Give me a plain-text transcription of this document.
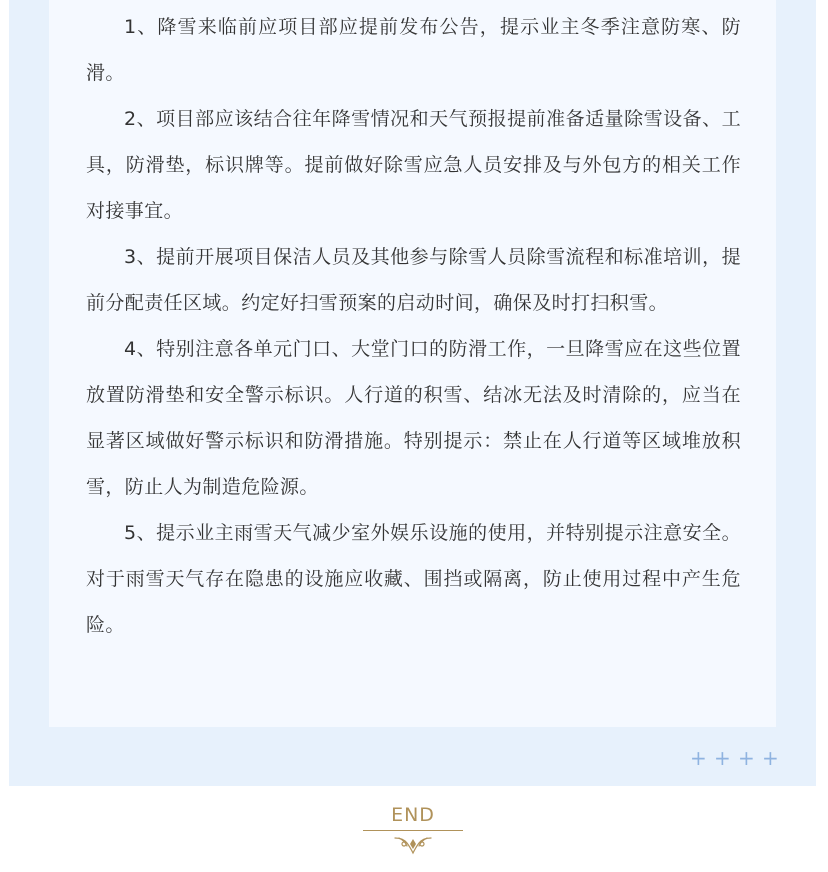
1、降雪来临前应项目部应提前发布公告，提示业主冬季注意防寒、防滑。

2、项目部应该结合往年降雪情况和天气预报提前准备适量除雪设备、工具，防滑垫，标识牌等。提前做好除雪应急人员安排及与外包方的相关工作对接事宜。

3、提前开展项目保洁人员及其他参与除雪人员除雪流程和标准培训，提前分配责任区域。约定好扫雪预案的启动时间，确保及时打扫积雪。

4、特别注意各单元门口、大堂门口的防滑工作，一旦降雪应在这些位置放置防滑垫和安全警示标识。人行道的积雪、结冰无法及时清除的，应当在显著区域做好警示标识和防滑措施。特别提示：禁止在人行道等区域堆放积雪，防止人为制造危险源。

5、提示业主雨雪天气减少室外娱乐设施的使用，并特别提示注意安全。对于雨雪天气存在隐患的设施应收藏、围挡或隔离，防止使用过程中产生危险。

+ + + +
END
